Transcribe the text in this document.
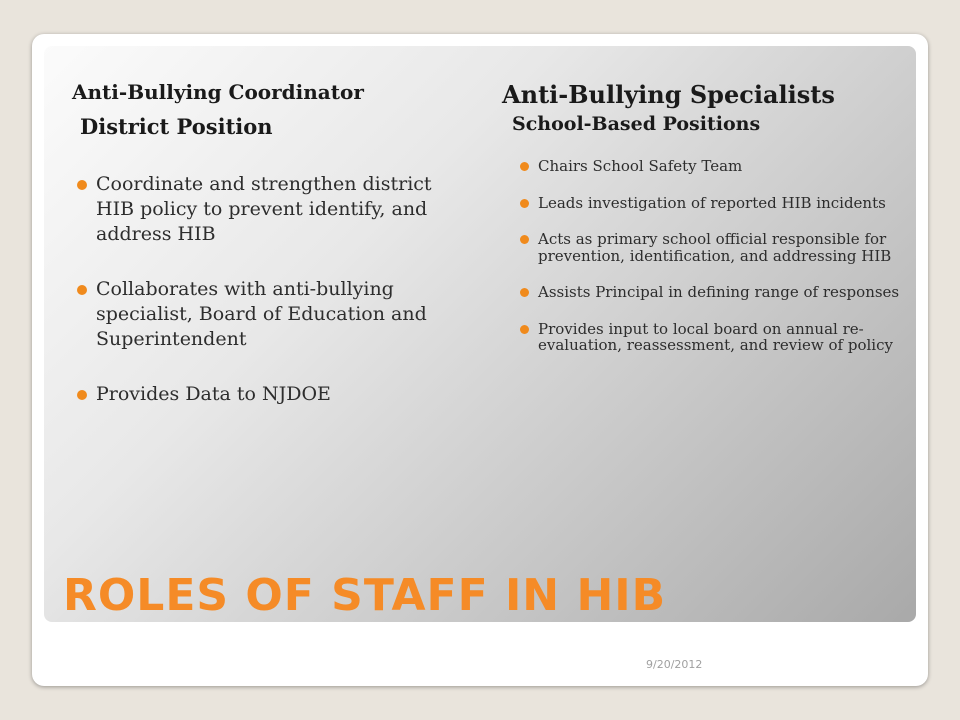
Anti-Bullying Coordinator
District Position
Anti-Bullying Specialists
School-Based Positions
Coordinate and strengthen district HIB policy to prevent identify, and address HIB
Collaborates with anti-bullying specialist, Board of Education and Superintendent
Provides Data to NJDOE
Chairs School Safety Team
Leads investigation of reported HIB incidents
Acts as primary school official responsible for prevention, identification, and addressing HIB
Assists Principal in defining range of responses
Provides input to local board on annual re-evaluation, reassessment, and review of policy
ROLES OF STAFF IN HIB
9/20/2012
